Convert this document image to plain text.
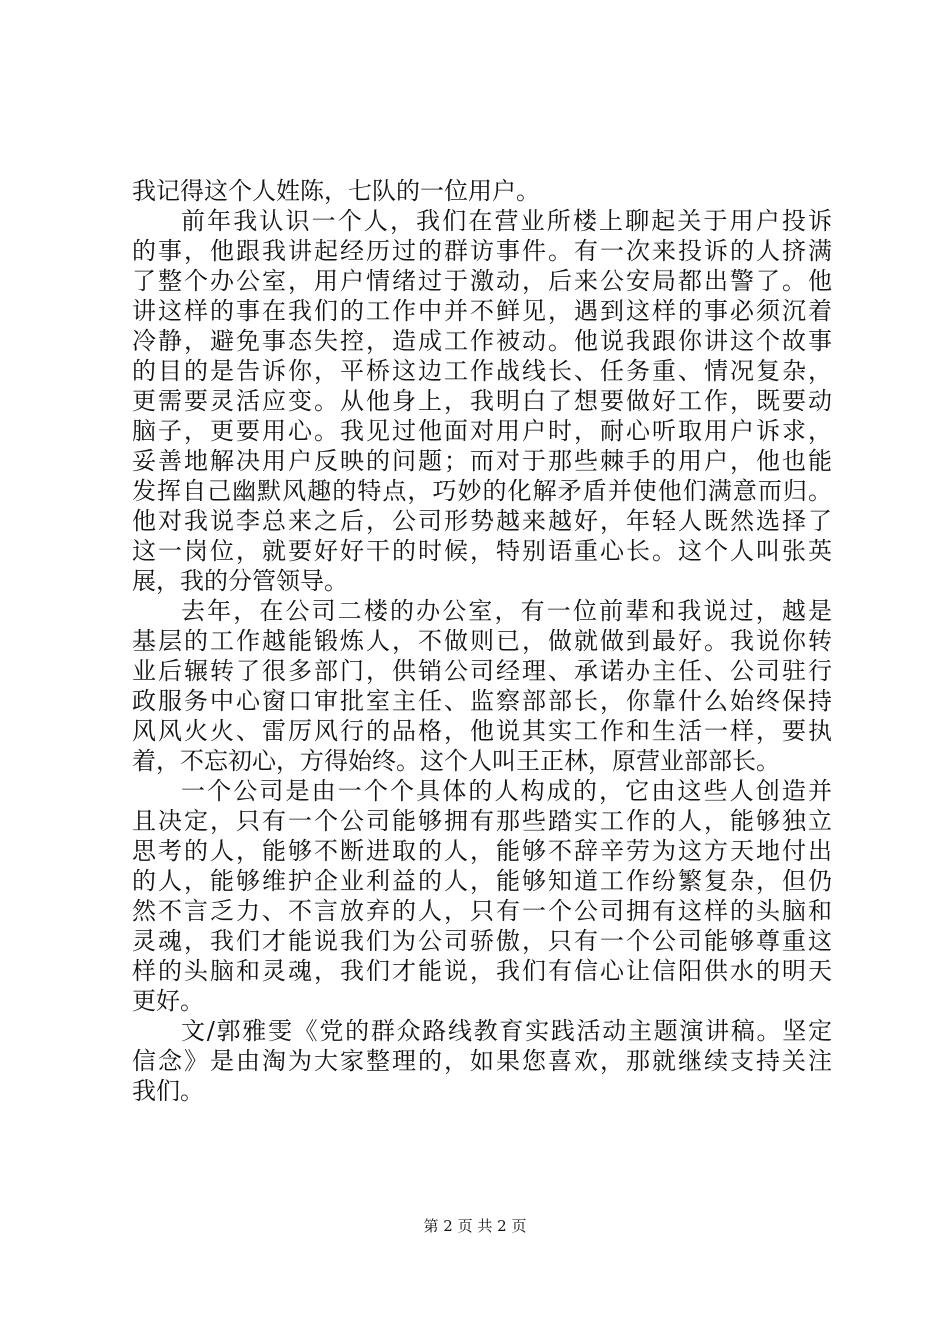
我记得这个人姓陈，七队的一位用户。
前年我认识一个人，我们在营业所楼上聊起关于用户投诉
的事，他跟我讲起经历过的群访事件。有一次来投诉的人挤满
了整个办公室，用户情绪过于激动，后来公安局都出警了。他
讲这样的事在我们的工作中并不鲜见，遇到这样的事必须沉着
冷静，避免事态失控，造成工作被动。他说我跟你讲这个故事
的目的是告诉你，平桥这边工作战线长、任务重、情况复杂，
更需要灵活应变。从他身上，我明白了想要做好工作，既要动
脑子，更要用心。我见过他面对用户时，耐心听取用户诉求，
妥善地解决用户反映的问题；而对于那些棘手的用户，他也能
发挥自己幽默风趣的特点，巧妙的化解矛盾并使他们满意而归。
他对我说李总来之后，公司形势越来越好，年轻人既然选择了
这一岗位，就要好好干的时候，特别语重心长。这个人叫张英
展，我的分管领导。
去年，在公司二楼的办公室，有一位前辈和我说过，越是
基层的工作越能锻炼人，不做则已，做就做到最好。我说你转
业后辗转了很多部门，供销公司经理、承诺办主任、公司驻行
政服务中心窗口审批室主任、监察部部长，你靠什么始终保持
风风火火、雷厉风行的品格，他说其实工作和生活一样，要执
着，不忘初心，方得始终。这个人叫王正林，原营业部部长。
一个公司是由一个个具体的人构成的，它由这些人创造并
且决定，只有一个公司能够拥有那些踏实工作的人，能够独立
思考的人，能够不断进取的人，能够不辞辛劳为这方天地付出
的人，能够维护企业利益的人，能够知道工作纷繁复杂，但仍
然不言乏力、不言放弃的人，只有一个公司拥有这样的头脑和
灵魂，我们才能说我们为公司骄傲，只有一个公司能够尊重这
样的头脑和灵魂，我们才能说，我们有信心让信阳供水的明天
更好。
文/郭雅雯《党的群众路线教育实践活动主题演讲稿。坚定
信念》是由淘为大家整理的，如果您喜欢，那就继续支持关注
我们。
第 2 页 共 2 页
